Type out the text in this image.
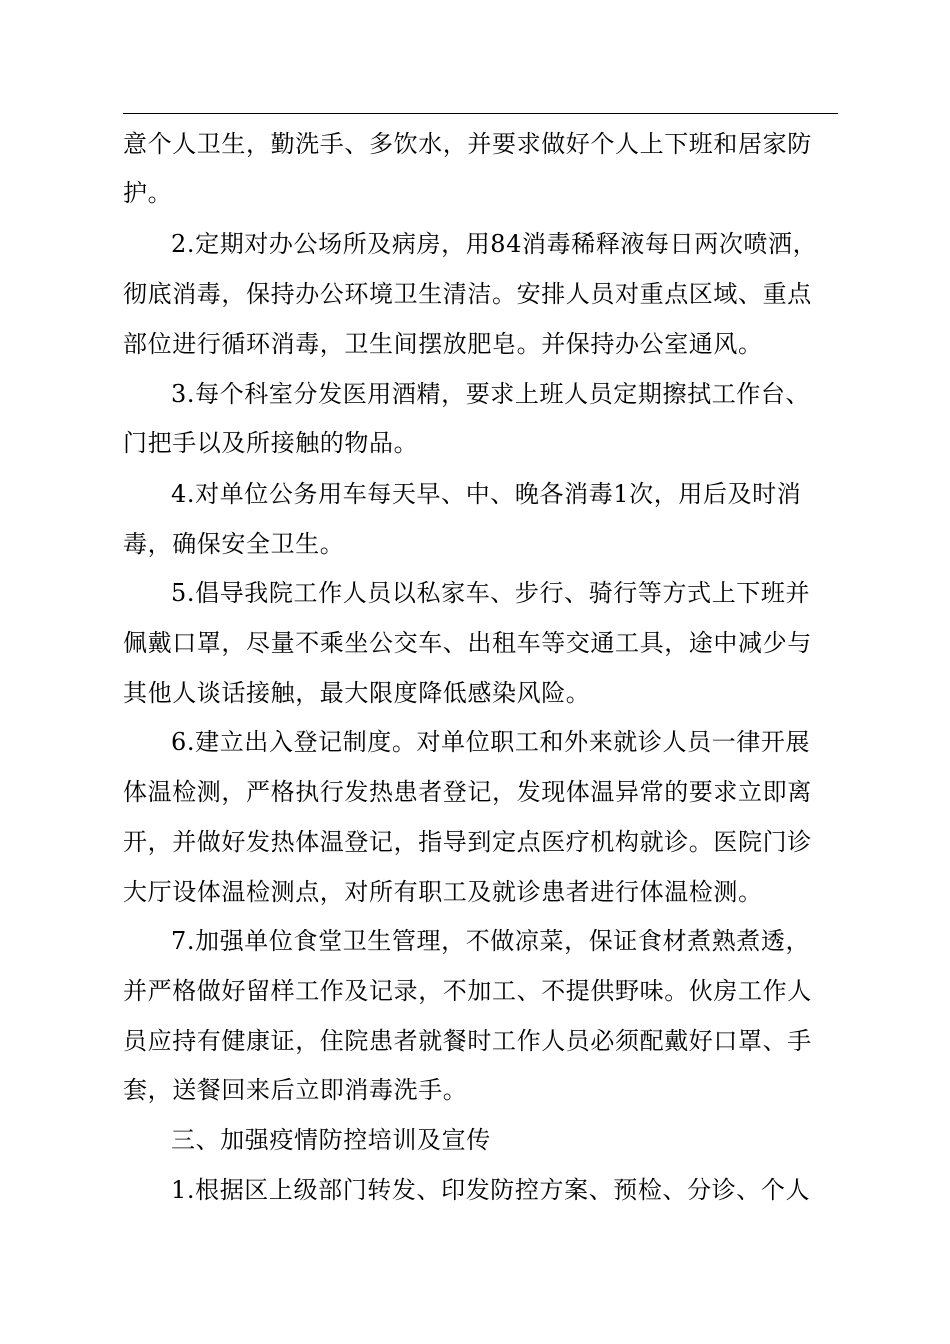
意个人卫生，勤洗手、多饮水，并要求做好个人上下班和居家防
护。
2.定期对办公场所及病房，用84消毒稀释液每日两次喷洒，
彻底消毒，保持办公环境卫生清洁。安排人员对重点区域、重点
部位进行循环消毒，卫生间摆放肥皂。并保持办公室通风。
3.每个科室分发医用酒精，要求上班人员定期擦拭工作台、
门把手以及所接触的物品。
4.对单位公务用车每天早、中、晚各消毒1次，用后及时消
毒，确保安全卫生。
5.倡导我院工作人员以私家车、步行、骑行等方式上下班并
佩戴口罩，尽量不乘坐公交车、出租车等交通工具，途中减少与
其他人谈话接触，最大限度降低感染风险。
6.建立出入登记制度。对单位职工和外来就诊人员一律开展
体温检测，严格执行发热患者登记，发现体温异常的要求立即离
开，并做好发热体温登记，指导到定点医疗机构就诊。医院门诊
大厅设体温检测点，对所有职工及就诊患者进行体温检测。
7.加强单位食堂卫生管理，不做凉菜，保证食材煮熟煮透，
并严格做好留样工作及记录，不加工、不提供野味。伙房工作人
员应持有健康证，住院患者就餐时工作人员必须配戴好口罩、手
套，送餐回来后立即消毒洗手。
三、加强疫情防控培训及宣传
1.根据区上级部门转发、印发防控方案、预检、分诊、个人
